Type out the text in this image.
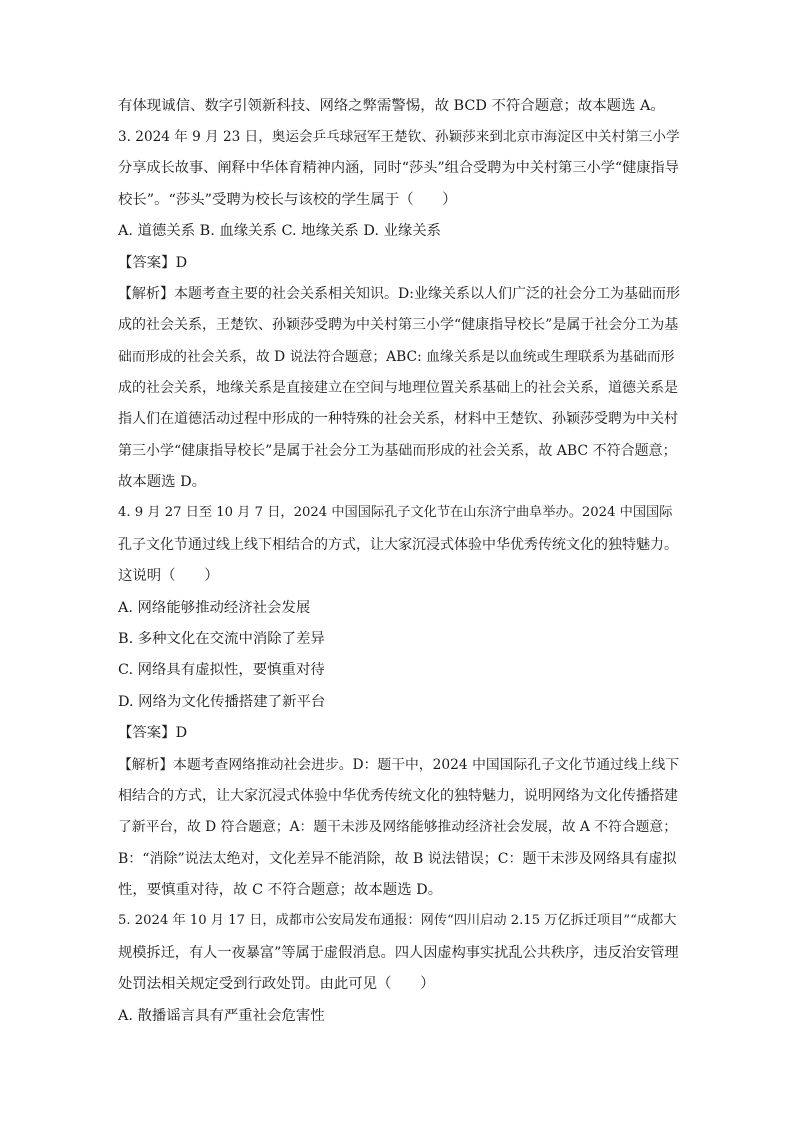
有体现诚信、数字引领新科技、网络之弊需警惕，故 BCD 不符合题意；故本题选 A。
3. 2024 年 9 月 23 日，奥运会乒乓球冠军王楚钦、孙颖莎来到北京市海淀区中关村第三小学
分享成长故事、阐释中华体育精神内涵，同时“莎头”组合受聘为中关村第三小学“健康指导
校长”。“莎头”受聘为校长与该校的学生属于（　　）
A. 道德关系 B. 血缘关系 C. 地缘关系 D. 业缘关系
【答案】D
【解析】本题考查主要的社会关系相关知识。D:业缘关系以人们广泛的社会分工为基础而形
成的社会关系，王楚钦、孙颖莎受聘为中关村第三小学“健康指导校长”是属于社会分工为基
础而形成的社会关系，故 D 说法符合题意；ABC: 血缘关系是以血统或生理联系为基础而形
成的社会关系，地缘关系是直接建立在空间与地理位置关系基础上的社会关系，道德关系是
指人们在道德活动过程中形成的一种特殊的社会关系，材料中王楚钦、孙颖莎受聘为中关村
第三小学“健康指导校长”是属于社会分工为基础而形成的社会关系，故 ABC 不符合题意；
故本题选 D。
4. 9 月 27 日至 10 月 7 日，2024 中国国际孔子文化节在山东济宁曲阜举办。2024 中国国际
孔子文化节通过线上线下相结合的方式，让大家沉浸式体验中华优秀传统文化的独特魅力。
这说明（　　）
A. 网络能够推动经济社会发展
B. 多种文化在交流中消除了差异
C. 网络具有虚拟性，要慎重对待
D. 网络为文化传播搭建了新平台
【答案】D
【解析】本题考查网络推动社会进步。D：题干中，2024 中国国际孔子文化节通过线上线下
相结合的方式，让大家沉浸式体验中华优秀传统文化的独特魅力，说明网络为文化传播搭建
了新平台，故 D 符合题意；A：题干未涉及网络能够推动经济社会发展，故 A 不符合题意；
B：“消除”说法太绝对，文化差异不能消除，故 B 说法错误；C：题干未涉及网络具有虚拟
性，要慎重对待，故 C 不符合题意；故本题选 D。
5. 2024 年 10 月 17 日，成都市公安局发布通报：网传“四川启动 2.15 万亿拆迁项目”“成都大
规模拆迁，有人一夜暴富”等属于虚假消息。四人因虚构事实扰乱公共秩序，违反治安管理
处罚法相关规定受到行政处罚。由此可见（　　）
A. 散播谣言具有严重社会危害性
